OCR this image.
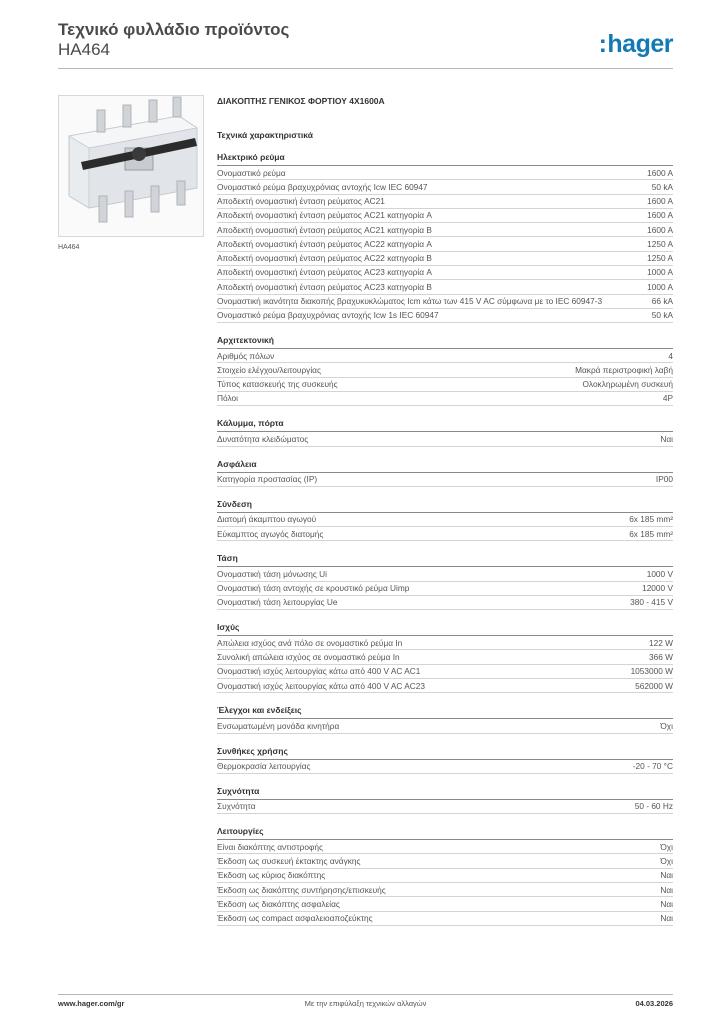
Τεχνικό φυλλάδιο προϊόντος
HA464	:hager
HA464
ΔΙΑΚΟΠΤΗΣ ΓΕΝΙΚΟΣ ΦΟΡΤΙΟΥ 4X1600A
Τεχνικά χαρακτηριστικά
Ηλεκτρικό ρεύμα
Ονομαστικό ρεύμα	1600 A
Ονομαστικό ρεύμα βραχυχρόνιας αντοχής Icw IEC 60947	50 kA
Αποδεκτή ονομαστική ένταση ρεύματος AC21	1600 A
Αποδεκτή ονομαστική ένταση ρεύματος AC21 κατηγορία A	1600 A
Αποδεκτή ονομαστική ένταση ρεύματος AC21 κατηγορία B	1600 A
Αποδεκτή ονομαστική ένταση ρεύματος AC22 κατηγορία A	1250 A
Αποδεκτή ονομαστική ένταση ρεύματος AC22 κατηγορία B	1250 A
Αποδεκτή ονομαστική ένταση ρεύματος AC23 κατηγορία A	1000 A
Αποδεκτή ονομαστική ένταση ρεύματος AC23 κατηγορία B	1000 A
Ονομαστική ικανότητα διακοπής βραχυκυκλώματος Icm κάτω των 415 V AC σύμφωνα με το IEC 60947-3	66 kA
Ονομαστικό ρεύμα βραχυχρόνιας αντοχής Icw 1s IEC 60947	50 kA
Αρχιτεκτονική
Αριθμός πόλων	4
Στοιχείο ελέγχου/λειτουργίας	Μακρά περιστροφική λαβή
Τύπος κατασκευής της συσκευής	Ολοκληρωμένη συσκευή
Πόλοι	4P
Κάλυμμα, πόρτα
Δυνατότητα κλειδώματος	Ναι
Ασφάλεια
Κατηγορία προστασίας (IP)	IP00
Σύνδεση
Διατομή άκαμπτου αγωγού	6x 185 mm²
Εύκαμπτος αγωγός διατομής	6x 185 mm²
Τάση
Ονομαστική τάση μόνωσης Ui	1000 V
Ονομαστική τάση αντοχής σε κρουστικό ρεύμα Uimp	12000 V
Ονομαστική τάση λειτουργίας Ue	380 - 415 V
Ισχύς
Απώλεια ισχύος ανά πόλο σε ονομαστικό ρεύμα In	122 W
Συνολική απώλεια ισχύος σε ονομαστικό ρεύμα In	366 W
Ονομαστική ισχύς λειτουργίας κάτω από 400 V AC AC1	1053000 W
Ονομαστική ισχύς λειτουργίας κάτω από 400 V AC AC23	562000 W
Έλεγχοι και ενδείξεις
Ενσωματωμένη μονάδα κινητήρα	Όχι
Συνθήκες χρήσης
Θερμοκρασία λειτουργίας	-20 - 70 °C
Συχνότητα
Συχνότητα	50 - 60 Hz
Λειτουργίες
Είναι διακόπτης αντιστροφής	Όχι
Έκδοση ως συσκευή έκτακτης ανάγκης	Όχι
Έκδοση ως κύριος διακόπτης	Ναι
Έκδοση ως διακόπτης συντήρησης/επισκευής	Ναι
Έκδοση ως διακόπτης ασφαλείας	Ναι
Έκδοση ως compact ασφαλειοαποζεύκτης	Ναι
www.hager.com/gr	Με την επιφύλαξη τεχνικών αλλαγών	04.03.2026
